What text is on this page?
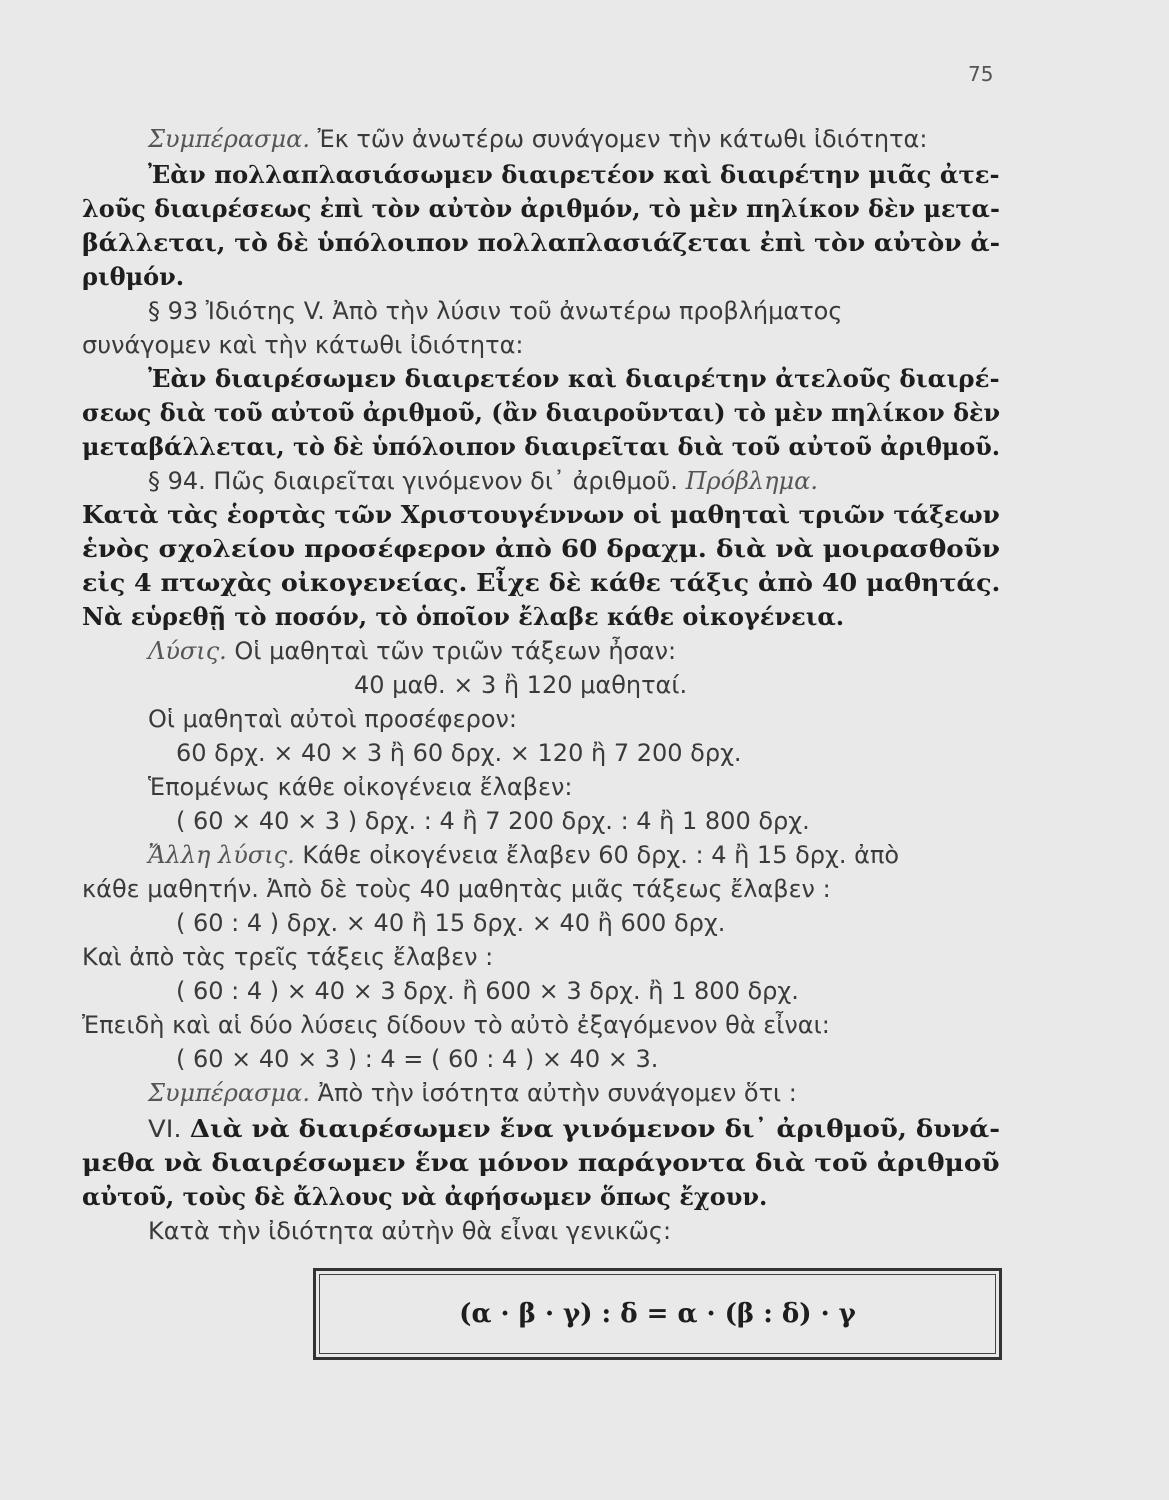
75
Συμπέρασμα. Ἐκ τῶν ἀνωτέρω συνάγομεν τὴν κάτωθι ἰδιότητα:
Ἐὰν πολλαπλασιάσωμεν διαιρετέον καὶ διαιρέτην μιᾶς ἀτε-
λοῦς διαιρέσεως ἐπὶ τὸν αὐτὸν ἀριθμόν, τὸ μὲν πηλίκον δὲν μετα-
βάλλεται, τὸ δὲ ὑπόλοιπον πολλαπλασιάζεται ἐπὶ τὸν αὐτὸν ἀ-
ριθμόν.
§ 93 Ἰδιότης V. Ἀπὸ τὴν λύσιν τοῦ ἀνωτέρω προβλήματος
συνάγομεν καὶ τὴν κάτωθι ἰδιότητα:
Ἐὰν διαιρέσωμεν διαιρετέον καὶ διαιρέτην ἀτελοῦς διαιρέ-
σεως διὰ τοῦ αὐτοῦ ἀριθμοῦ, (ἂν διαιροῦνται) τὸ μὲν πηλίκον δὲν
μεταβάλλεται, τὸ δὲ ὑπόλοιπον διαιρεῖται διὰ τοῦ αὐτοῦ ἀριθμοῦ.
§ 94. Πῶς διαιρεῖται γινόμενον δι᾽ ἀριθμοῦ. Πρόβλημα.
Κατὰ τὰς ἑορτὰς τῶν Χριστουγέννων οἱ μαθηταὶ τριῶν τάξεων
ἑνὸς σχολείου προσέφερον ἀπὸ 60 δραχμ. διὰ νὰ μοιρασθοῦν
εἰς 4 πτωχὰς οἰκογενείας. Εἶχε δὲ κάθε τάξις ἀπὸ 40 μαθητάς.
Νὰ εὑρεθῇ τὸ ποσόν, τὸ ὁποῖον ἔλαβε κάθε οἰκογένεια.
Λύσις. Οἱ μαθηταὶ τῶν τριῶν τάξεων ἦσαν:
40 μαθ. × 3 ἢ 120 μαθηταί.
Οἱ μαθηταὶ αὐτοὶ προσέφερον:
60 δρχ. × 40 × 3 ἢ 60 δρχ. × 120 ἢ 7 200 δρχ.
Ἑπομένως κάθε οἰκογένεια ἔλαβεν:
( 60 × 40 × 3 ) δρχ. : 4 ἢ 7 200 δρχ. : 4 ἢ 1 800 δρχ.
Ἄλλη λύσις. Κάθε οἰκογένεια ἔλαβεν 60 δρχ. : 4 ἢ 15 δρχ. ἀπὸ
κάθε μαθητήν. Ἀπὸ δὲ τοὺς 40 μαθητὰς μιᾶς τάξεως ἔλαβεν :
( 60 : 4 ) δρχ. × 40 ἢ 15 δρχ. × 40 ἢ 600 δρχ.
Καὶ ἀπὸ τὰς τρεῖς τάξεις ἔλαβεν :
( 60 : 4 ) × 40 × 3 δρχ. ἢ 600 × 3 δρχ. ἢ 1 800 δρχ.
Ἐπειδὴ καὶ αἱ δύο λύσεις δίδουν τὸ αὐτὸ ἐξαγόμενον θὰ εἶναι:
( 60 × 40 × 3 ) : 4 = ( 60 : 4 ) × 40 × 3.
Συμπέρασμα. Ἀπὸ τὴν ἰσότητα αὐτὴν συνάγομεν ὅτι :
VI. Διὰ νὰ διαιρέσωμεν ἕνα γινόμενον δι᾽ ἀριθμοῦ, δυνά-
μεθα νὰ διαιρέσωμεν ἕνα μόνον παράγοντα διὰ τοῦ ἀριθμοῦ
αὐτοῦ, τοὺς δὲ ἄλλους νὰ ἀφήσωμεν ὅπως ἔχουν.
Κατὰ τὴν ἰδιότητα αὐτὴν θὰ εἶναι γενικῶς:
(α · β · γ) : δ = α · (β : δ) · γ
